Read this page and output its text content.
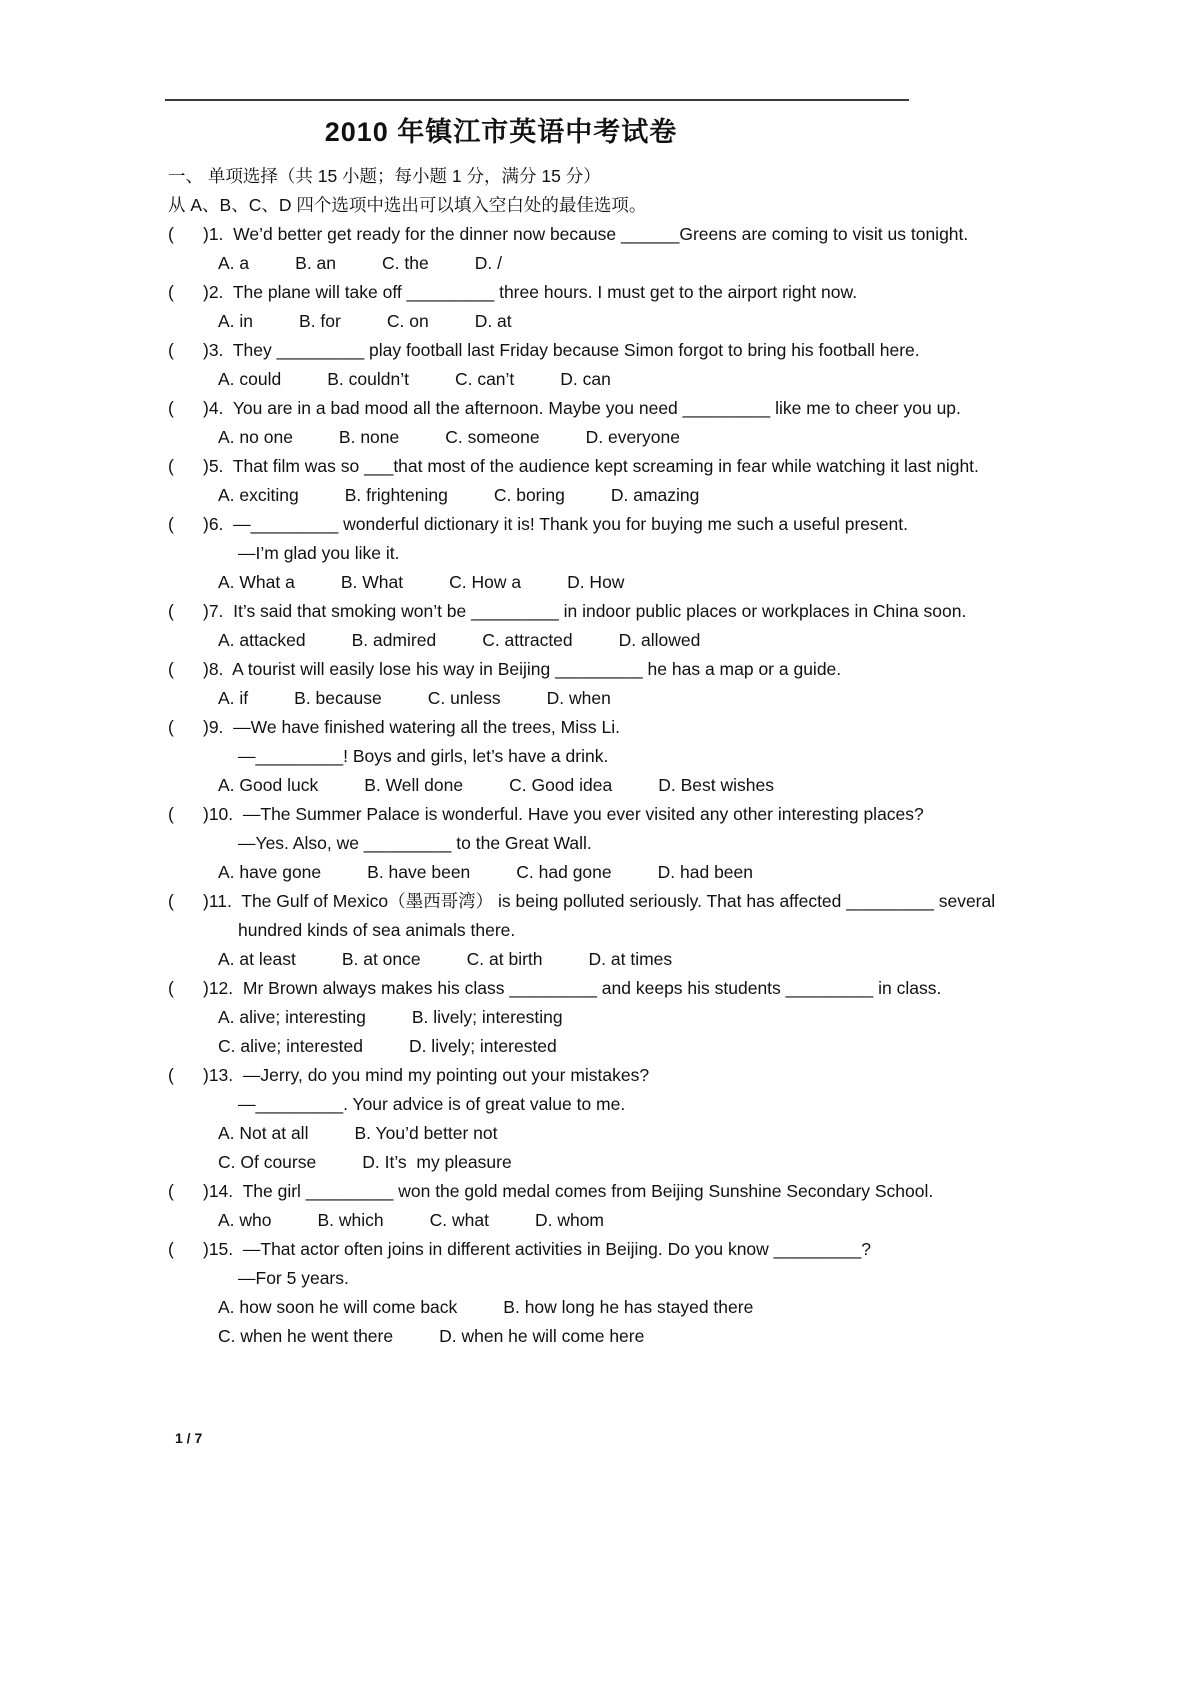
2010 年镇江市英语中考试卷

一、 单项选择（共 15 小题；每小题 1 分，满分 15 分）

从 A、B、C、D 四个选项中选出可以填入空白处的最佳选项。

(      )1.  We’d better get ready for the dinner now because ______Greens are coming to visit us tonight.

A. a	B. an	C. the	D. /

(      )2.  The plane will take off _________ three hours. I must get to the airport right now.

A. in	B. for	C. on	D. at

(      )3.  They _________ play football last Friday because Simon forgot to bring his football here.

A. could	B. couldn’t	C. can’t	D. can

(      )4.  You are in a bad mood all the afternoon. Maybe you need _________ like me to cheer you up.

A. no one	B. none	C. someone	D. everyone

(      )5.  That film was so ___that most of the audience kept screaming in fear while watching it last night.

A. exciting	B. frightening	C. boring	D. amazing

(      )6.  —_________ wonderful dictionary it is! Thank you for buying me such a useful present.

—I’m glad you like it.

A. What a	B. What	C. How a	D. How

(      )7.  It’s said that smoking won’t be _________ in indoor public places or workplaces in China soon.

A. attacked	B. admired	C. attracted	D. allowed

(      )8.  A tourist will easily lose his way in Beijing _________ he has a map or a guide.

A. if	B. because	C. unless	D. when

(      )9.  —We have finished watering all the trees, Miss Li.

—_________! Boys and girls, let’s have a drink.

A. Good luck	B. Well done	C. Good idea	D. Best wishes

(      )10.  —The Summer Palace is wonderful. Have you ever visited any other interesting places?

—Yes. Also, we _________ to the Great Wall.

A. have gone	B. have been	C. had gone	D. had been

(      )11.  The Gulf of Mexico（墨西哥湾） is being polluted seriously. That has affected _________ several

hundred kinds of sea animals there.

A. at least	B. at once	C. at birth	D. at times

(      )12.  Mr Brown always makes his class _________ and keeps his students _________ in class.

A. alive; interesting	B. lively; interesting

C. alive; interested	D. lively; interested

(      )13.  —Jerry, do you mind my pointing out your mistakes?

—_________. Your advice is of great value to me.

A. Not at all	B. You’d better not

C. Of course	D. It’s  my pleasure

(      )14.  The girl _________ won the gold medal comes from Beijing Sunshine Secondary School.

A. who	B. which	C. what	D. whom

(      )15.  —That actor often joins in different activities in Beijing. Do you know _________?

—For 5 years.

A. how soon he will come back	B. how long he has stayed there

C. when he went there	D. when he will come here

1 / 7
